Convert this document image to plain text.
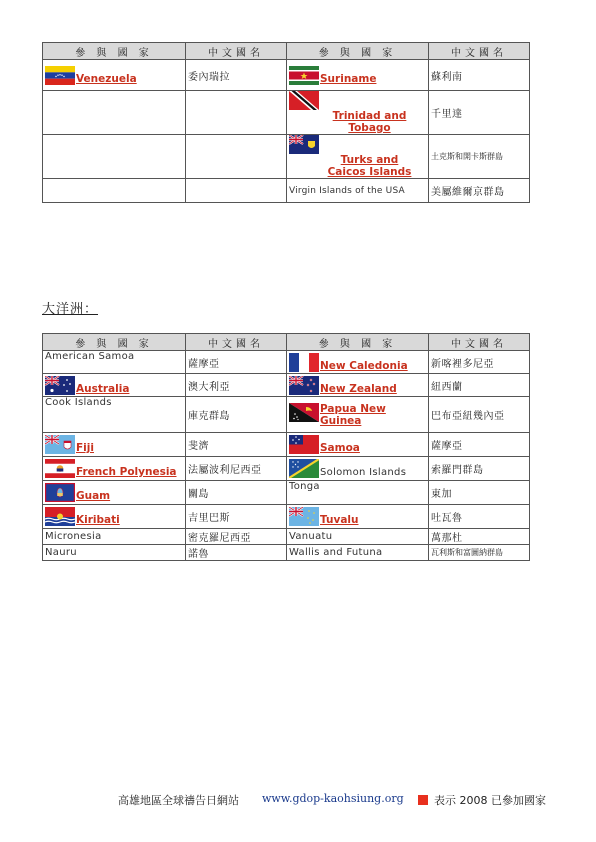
參 與 國 家	中文國名	參 與 國 家	中文國名

Venezuela	委內瑞拉	Suriname	蘇利南

		Trinidad and
Tobago	千里達

		Turks and
Caicos Islands	土克斯和開卡斯群島
		Virgin Islands of the USA	美屬維爾京群島
大洋洲：
參 與 國 家	中文國名	參 與 國 家	中文國名
American Samoa	薩摩亞	New Caledonia	新喀裡多尼亞

Australia	澳大利亞	New Zealand	紐西蘭
Cook Islands	庫克群島	Papua New
Guinea	巴布亞紐幾內亞

Fiji	斐濟	Samoa	薩摩亞

French Polynesia	法屬波利尼西亞	Solomon Islands	索羅門群島

Guam	關島	Tonga	東加

Kiribati	吉里巴斯	Tuvalu	吐瓦魯
Micronesia	密克羅尼西亞	Vanuatu	萬那杜
Nauru	諾魯	Wallis and Futuna	瓦利斯和富圖納群島
高雄地區全球禱告日網站 www.gdop-kaohsiung.org	表示 2008 已參加國家
